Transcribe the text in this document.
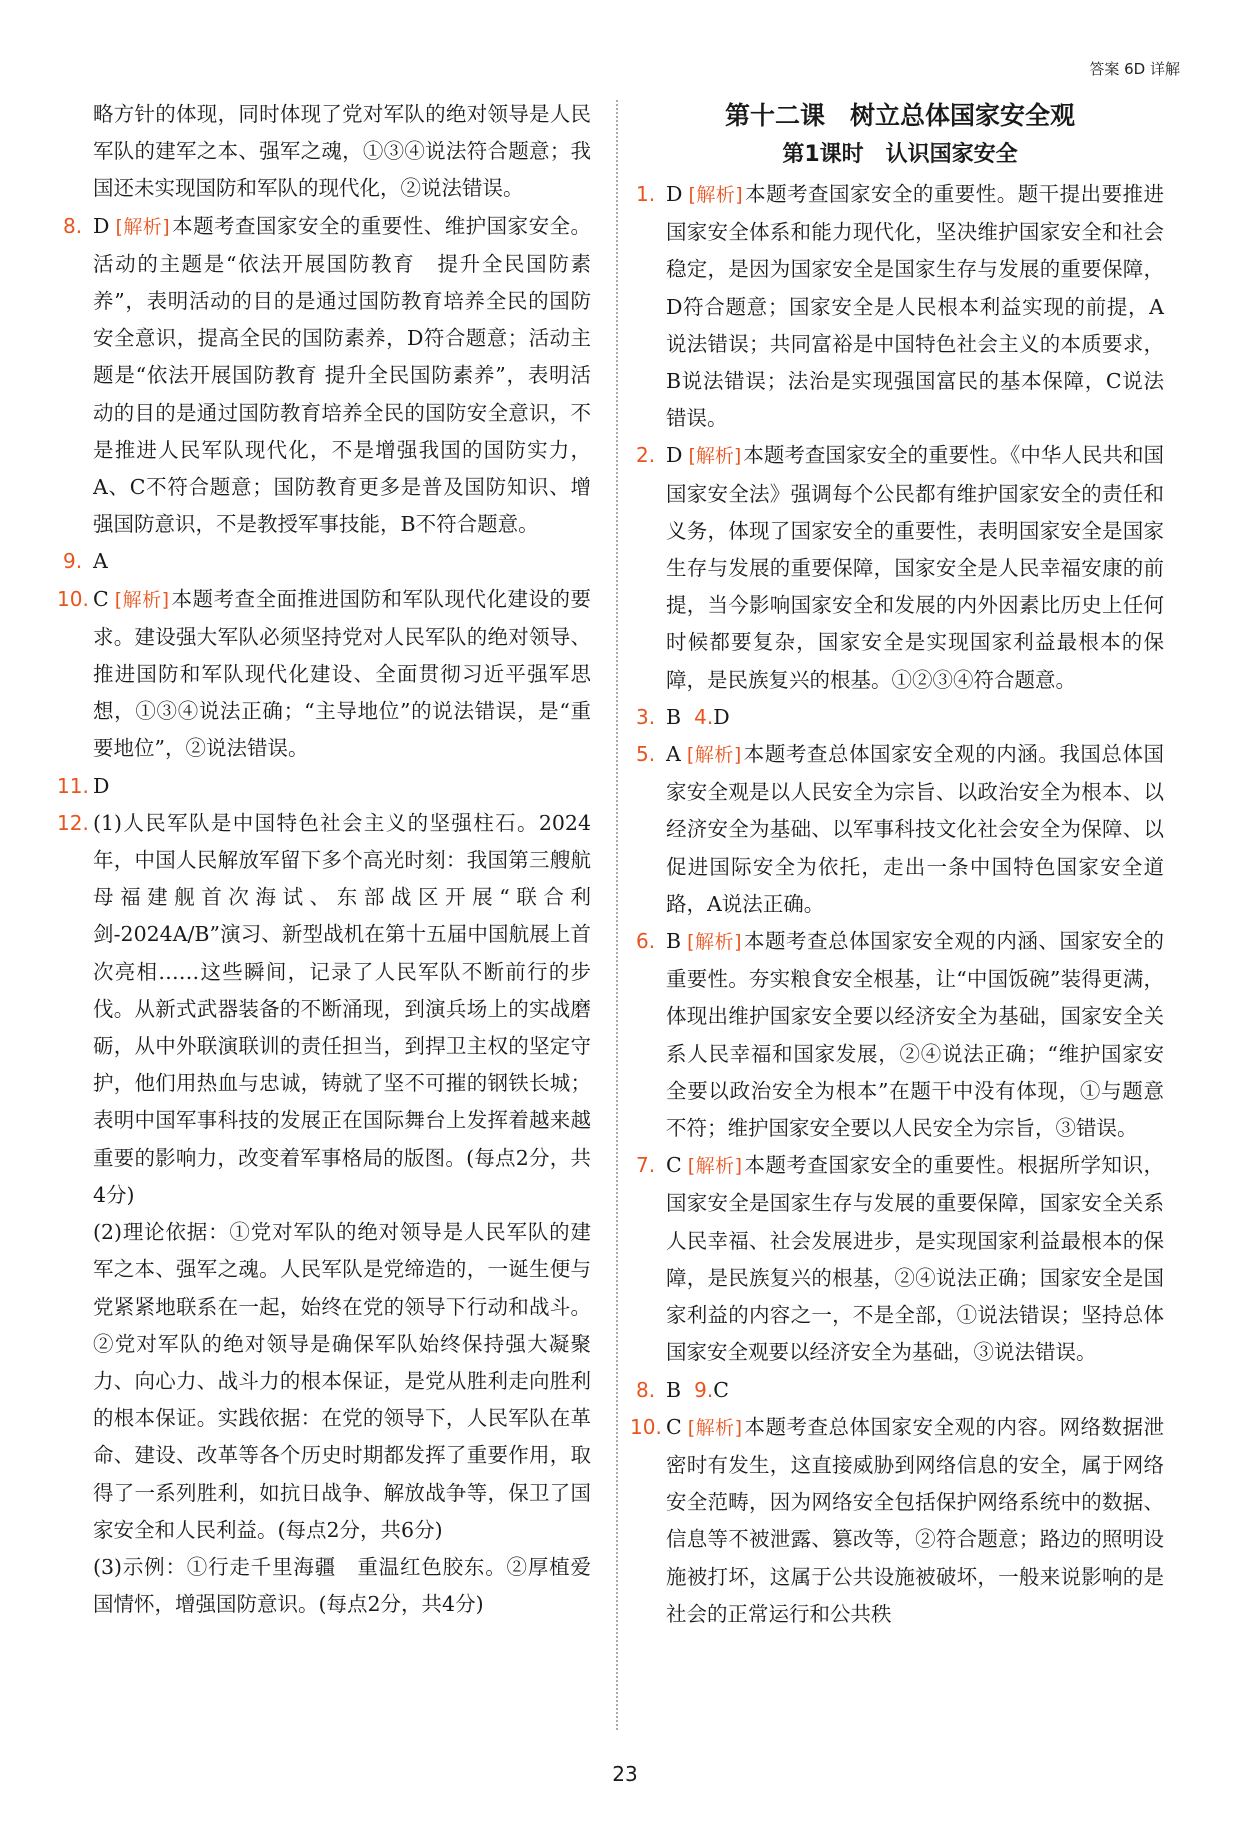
答案 6D 详解

略方针的体现，同时体现了党对军队的绝对领导是人民军队的建军之本、强军之魂，①③④说法符合题意；我国还未实现国防和军队的现代化，②说法错误。

8. D [解析]本题考查国家安全的重要性、维护国家安全。活动的主题是“依法开展国防教育　提升全民国防素养”，表明活动的目的是通过国防教育培养全民的国防安全意识，提高全民的国防素养，D符合题意；活动主题是“依法开展国防教育 提升全民国防素养”，表明活动的目的是通过国防教育培养全民的国防安全意识，不是推进人民军队现代化，不是增强我国的国防实力，A、C不符合题意；国防教育更多是普及国防知识、增强国防意识，不是教授军事技能，B不符合题意。

9. A

10. C [解析]本题考查全面推进国防和军队现代化建设的要求。建设强大军队必须坚持党对人民军队的绝对领导、推进国防和军队现代化建设、全面贯彻习近平强军思想，①③④说法正确；“主导地位”的说法错误，是“重要地位”，②说法错误。

11. D

12. (1)人民军队是中国特色社会主义的坚强柱石。2024年，中国人民解放军留下多个高光时刻：我国第三艘航母福建舰首次海试、东部战区开展“联合利剑-2024A/B”演习、新型战机在第十五届中国航展上首次亮相……这些瞬间，记录了人民军队不断前行的步伐。从新式武器装备的不断涌现，到演兵场上的实战磨砺，从中外联演联训的责任担当，到捍卫主权的坚定守护，他们用热血与忠诚，铸就了坚不可摧的钢铁长城；表明中国军事科技的发展正在国际舞台上发挥着越来越重要的影响力，改变着军事格局的版图。(每点2分，共4分)

(2)理论依据：①党对军队的绝对领导是人民军队的建军之本、强军之魂。人民军队是党缔造的，一诞生便与党紧紧地联系在一起，始终在党的领导下行动和战斗。②党对军队的绝对领导是确保军队始终保持强大凝聚力、向心力、战斗力的根本保证，是党从胜利走向胜利的根本保证。实践依据：在党的领导下，人民军队在革命、建设、改革等各个历史时期都发挥了重要作用，取得了一系列胜利，如抗日战争、解放战争等，保卫了国家安全和人民利益。(每点2分，共6分)

(3)示例：①行走千里海疆　重温红色胶东。②厚植爱国情怀，增强国防意识。(每点2分，共4分)

第十二课　树立总体国家安全观
第1课时　认识国家安全

1. D [解析]本题考查国家安全的重要性。题干提出要推进国家安全体系和能力现代化，坚决维护国家安全和社会稳定，是因为国家安全是国家生存与发展的重要保障，D符合题意；国家安全是人民根本利益实现的前提，A说法错误；共同富裕是中国特色社会主义的本质要求，B说法错误；法治是实现强国富民的基本保障，C说法错误。

2. D [解析]本题考查国家安全的重要性。《中华人民共和国国家安全法》强调每个公民都有维护国家安全的责任和义务，体现了国家安全的重要性，表明国家安全是国家生存与发展的重要保障，国家安全是人民幸福安康的前提，当今影响国家安全和发展的内外因素比历史上任何时候都要复杂，国家安全是实现国家利益最根本的保障，是民族复兴的根基。①②③④符合题意。

3. B 4.D

5. A [解析]本题考查总体国家安全观的内涵。我国总体国家安全观是以人民安全为宗旨、以政治安全为根本、以经济安全为基础、以军事科技文化社会安全为保障、以促进国际安全为依托，走出一条中国特色国家安全道路，A说法正确。

6. B [解析]本题考查总体国家安全观的内涵、国家安全的重要性。夯实粮食安全根基，让“中国饭碗”装得更满，体现出维护国家安全要以经济安全为基础，国家安全关系人民幸福和国家发展，②④说法正确；“维护国家安全要以政治安全为根本”在题干中没有体现，①与题意不符；维护国家安全要以人民安全为宗旨，③错误。

7. C [解析]本题考查国家安全的重要性。根据所学知识，国家安全是国家生存与发展的重要保障，国家安全关系人民幸福、社会发展进步，是实现国家利益最根本的保障，是民族复兴的根基，②④说法正确；国家安全是国家利益的内容之一，不是全部，①说法错误；坚持总体国家安全观要以经济安全为基础，③说法错误。

8. B 9.C

10. C [解析]本题考查总体国家安全观的内容。网络数据泄密时有发生，这直接威胁到网络信息的安全，属于网络安全范畴，因为网络安全包括保护网络系统中的数据、信息等不被泄露、篡改等，②符合题意；路边的照明设施被打坏，这属于公共设施被破坏，一般来说影响的是社会的正常运行和公共秩

23
